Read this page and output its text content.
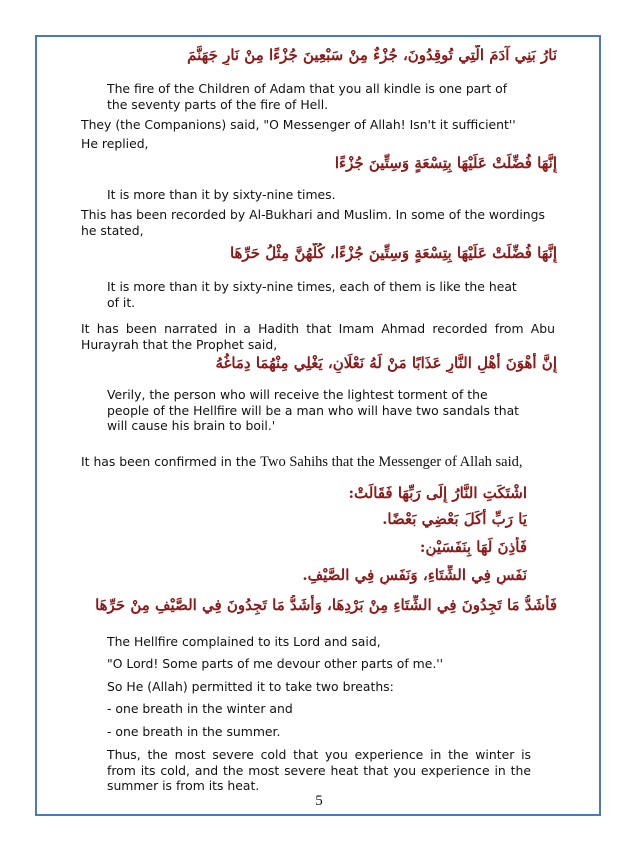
نَارُ بَنِي آدَمَ الَّتِي تُوقِدُونَ، جُزْءٌ مِنْ سَبْعِينَ جُزْءًا مِنْ نَارِ جَهَنَّمَ
The fire of the Children of Adam that you all kindle is one part of the seventy parts of the fire of Hell.
They (the Companions) said, "O Messenger of Allah! Isn't it sufficient''
He replied,
إِنَّهَا فُضِّلَتْ عَلَيْهَا بِتِسْعَةٍ وَسِتِّينَ جُزْءًا
It is more than it by sixty-nine times.
This has been recorded by Al-Bukhari and Muslim. In some of the wordings he stated,
إِنَّهَا فُضِّلَتْ عَلَيْهَا بِتِسْعَةٍ وَسِتِّينَ جُزْءًا، كُلُّهُنَّ مِثْلُ حَرِّهَا
It is more than it by sixty-nine times, each of them is like the heat of it.
It has been narrated in a Hadith that Imam Ahmad recorded from Abu Hurayrah that the Prophet said,
إِنَّ أَهْوَنَ أَهْلِ النَّارِ عَذَابًا مَنْ لَهُ نَعْلَانِ، يَغْلِي مِنْهُمَا دِمَاغُهُ
Verily, the person who will receive the lightest torment of the people of the Hellfire will be a man who will have two sandals that will cause his brain to boil.'
It has been confirmed in the Two Sahihs that the Messenger of Allah said,
اشْتَكَتِ النَّارُ إِلَى رَبِّهَا فَقَالَتْ:
يَا رَبِّ أَكَلَ بَعْضِي بَعْضًا.
فَأَذِنَ لَهَا بِنَفَسَيْنِ:
نَفَسٍ فِي الشِّتَاءِ، وَنَفَسٍ فِي الصَّيْفِ.
فَأَشَدُّ مَا تَجِدُونَ فِي الشِّتَاءِ مِنْ بَرْدِهَا، وَأَشَدُّ مَا تَجِدُونَ فِي الصَّيْفِ مِنْ حَرِّهَا
The Hellfire complained to its Lord and said,
"O Lord! Some parts of me devour other parts of me.''
So He (Allah) permitted it to take two breaths:
- one breath in the winter and
- one breath in the summer.
Thus, the most severe cold that you experience in the winter is from its cold, and the most severe heat that you experience in the summer is from its heat.
5
